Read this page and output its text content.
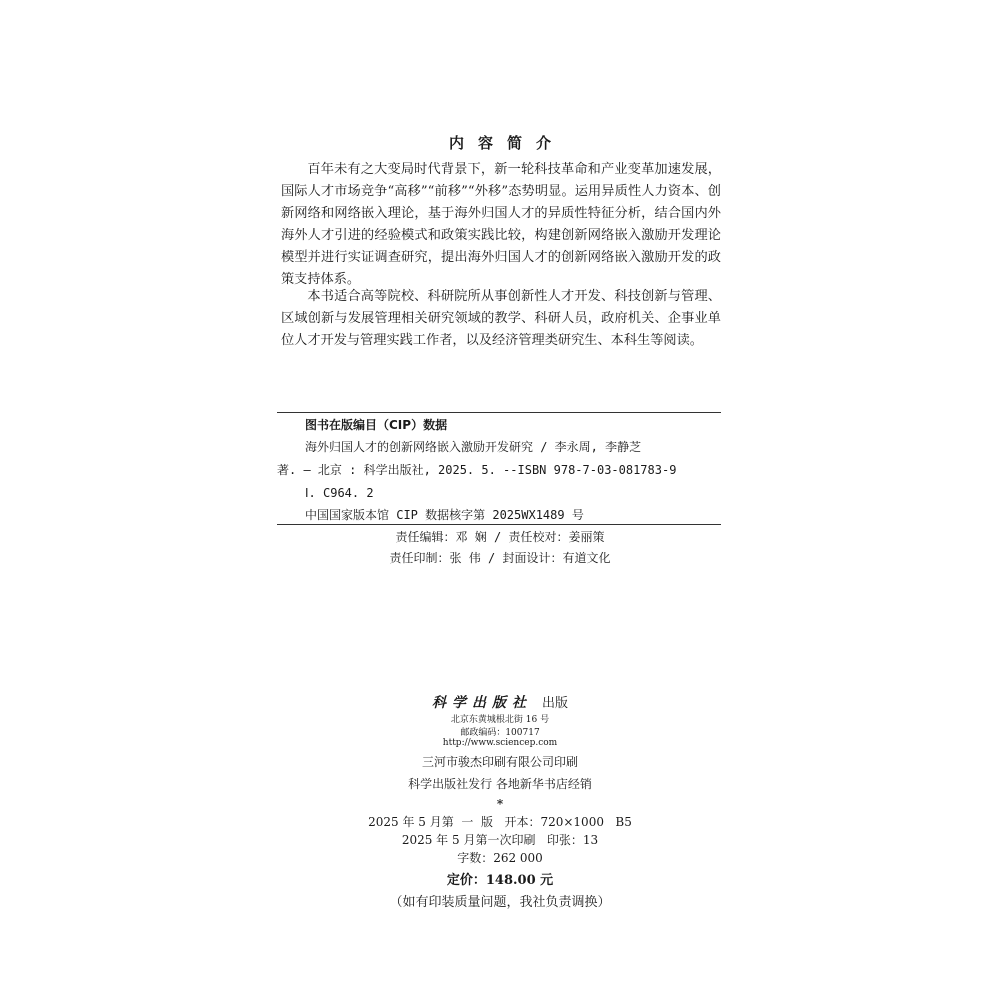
内容简介

百年未有之大变局时代背景下，新一轮科技革命和产业变革加速发展，国际人才市场竞争“高移”“前移”“外移”态势明显。运用异质性人力资本、创新网络和网络嵌入理论，基于海外归国人才的异质性特征分析，结合国内外海外人才引进的经验模式和政策实践比较，构建创新网络嵌入激励开发理论模型并进行实证调查研究，提出海外归国人才的创新网络嵌入激励开发的政策支持体系。

本书适合高等院校、科研院所从事创新性人才开发、科技创新与管理、区域创新与发展管理相关研究领域的教学、科研人员，政府机关、企事业单位人才开发与管理实践工作者，以及经济管理类研究生、本科生等阅读。

图书在版编目（CIP）数据
海外归国人才的创新网络嵌入激励开发研究 / 李永周, 李静芝
著. — 北京 : 科学出版社, 2025. 5. --ISBN 978-7-03-081783-9
Ⅰ. C964. 2
中国国家版本馆 CIP 数据核字第 2025WX1489 号
责任编辑：邓 娴 / 责任校对：姜丽策
责任印制：张 伟 / 封面设计：有道文化
科学出版社 出版
北京东黄城根北街 16 号
邮政编码：100717
http://www.sciencep.com
三河市骏杰印刷有限公司印刷
科学出版社发行 各地新华书店经销
*
2025 年 5 月第  一  版   开本：720×1000   B5
2025 年 5 月第一次印刷   印张：13
字数：262 000
定价：148.00 元
（如有印装质量问题，我社负责调换）
